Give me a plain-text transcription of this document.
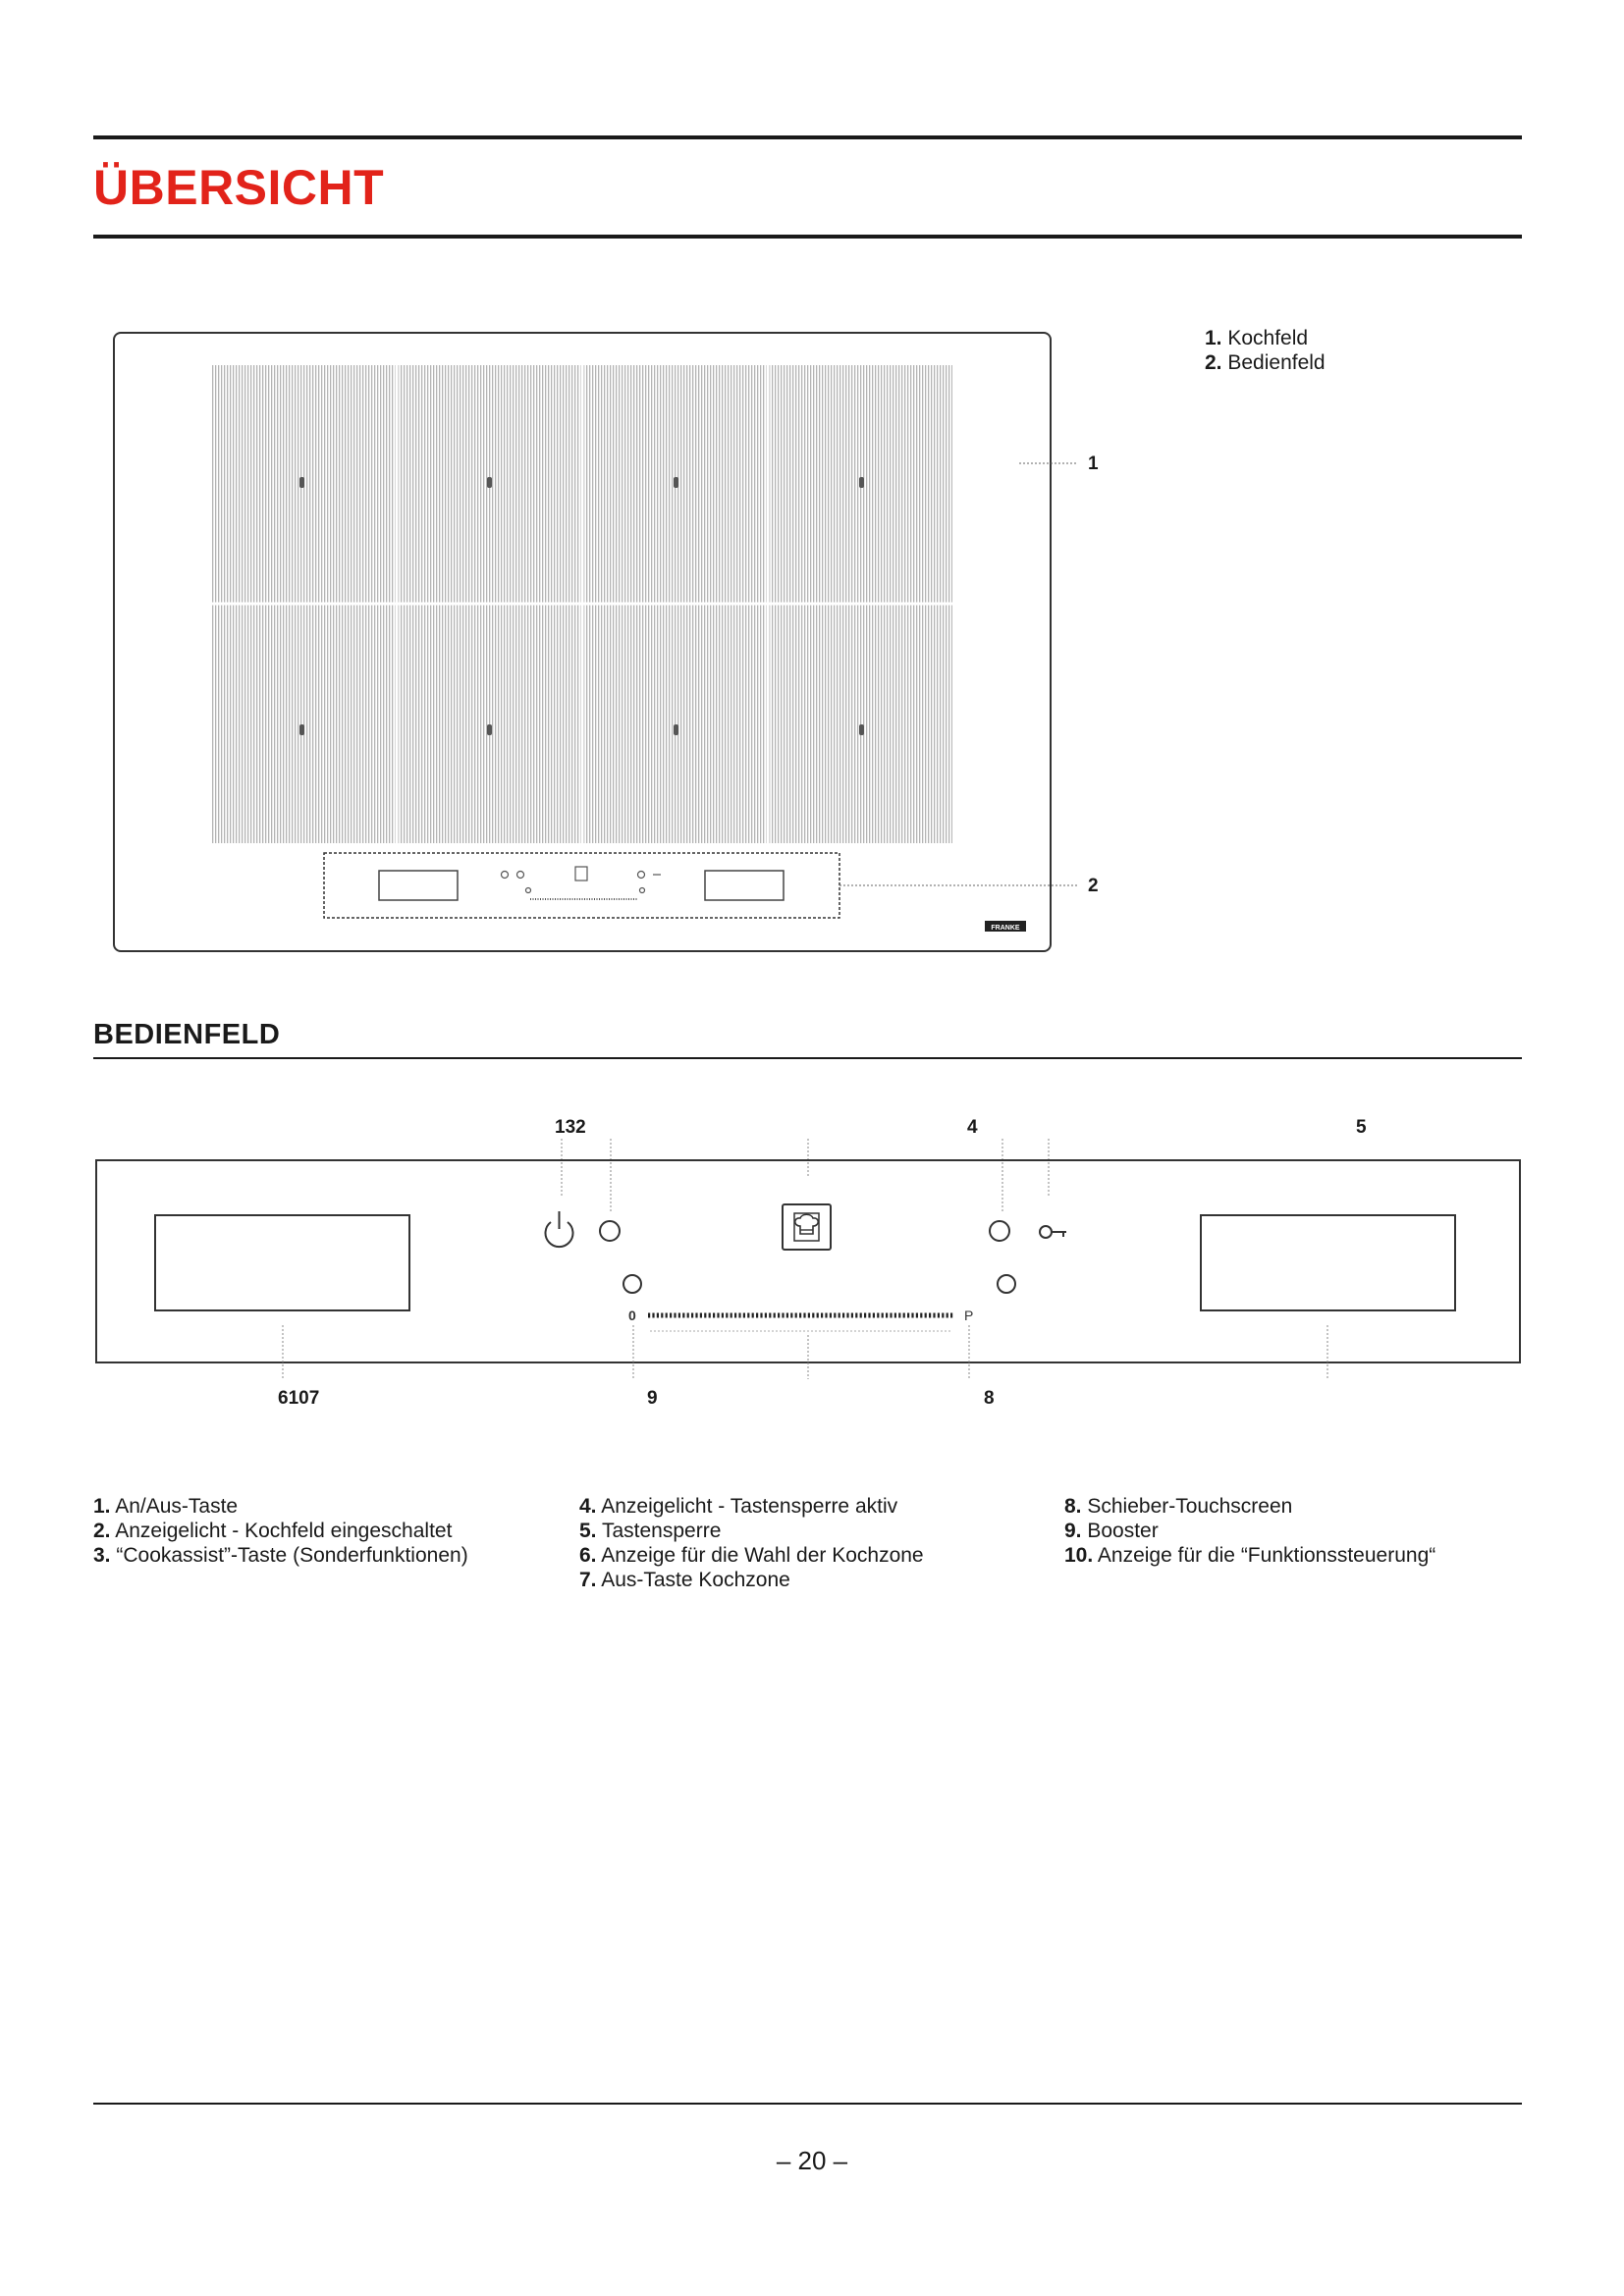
ÜBERSICHT
1. Kochfeld
2. Bedienfeld
FRANKE
1
2
BEDIENFELD
132	4	5
0	P
6107	9	8
1. An/Aus-Taste
2. Anzeigelicht - Kochfeld eingeschaltet
3. “Cookassist”-Taste (Sonderfunktionen)
4. Anzeigelicht - Tastensperre aktiv
5. Tastensperre
6. Anzeige für die Wahl der Kochzone
7. Aus-Taste Kochzone
8. Schieber-Touchscreen
9. Booster
10. Anzeige für die “Funktionssteuerung“
– 20 –
